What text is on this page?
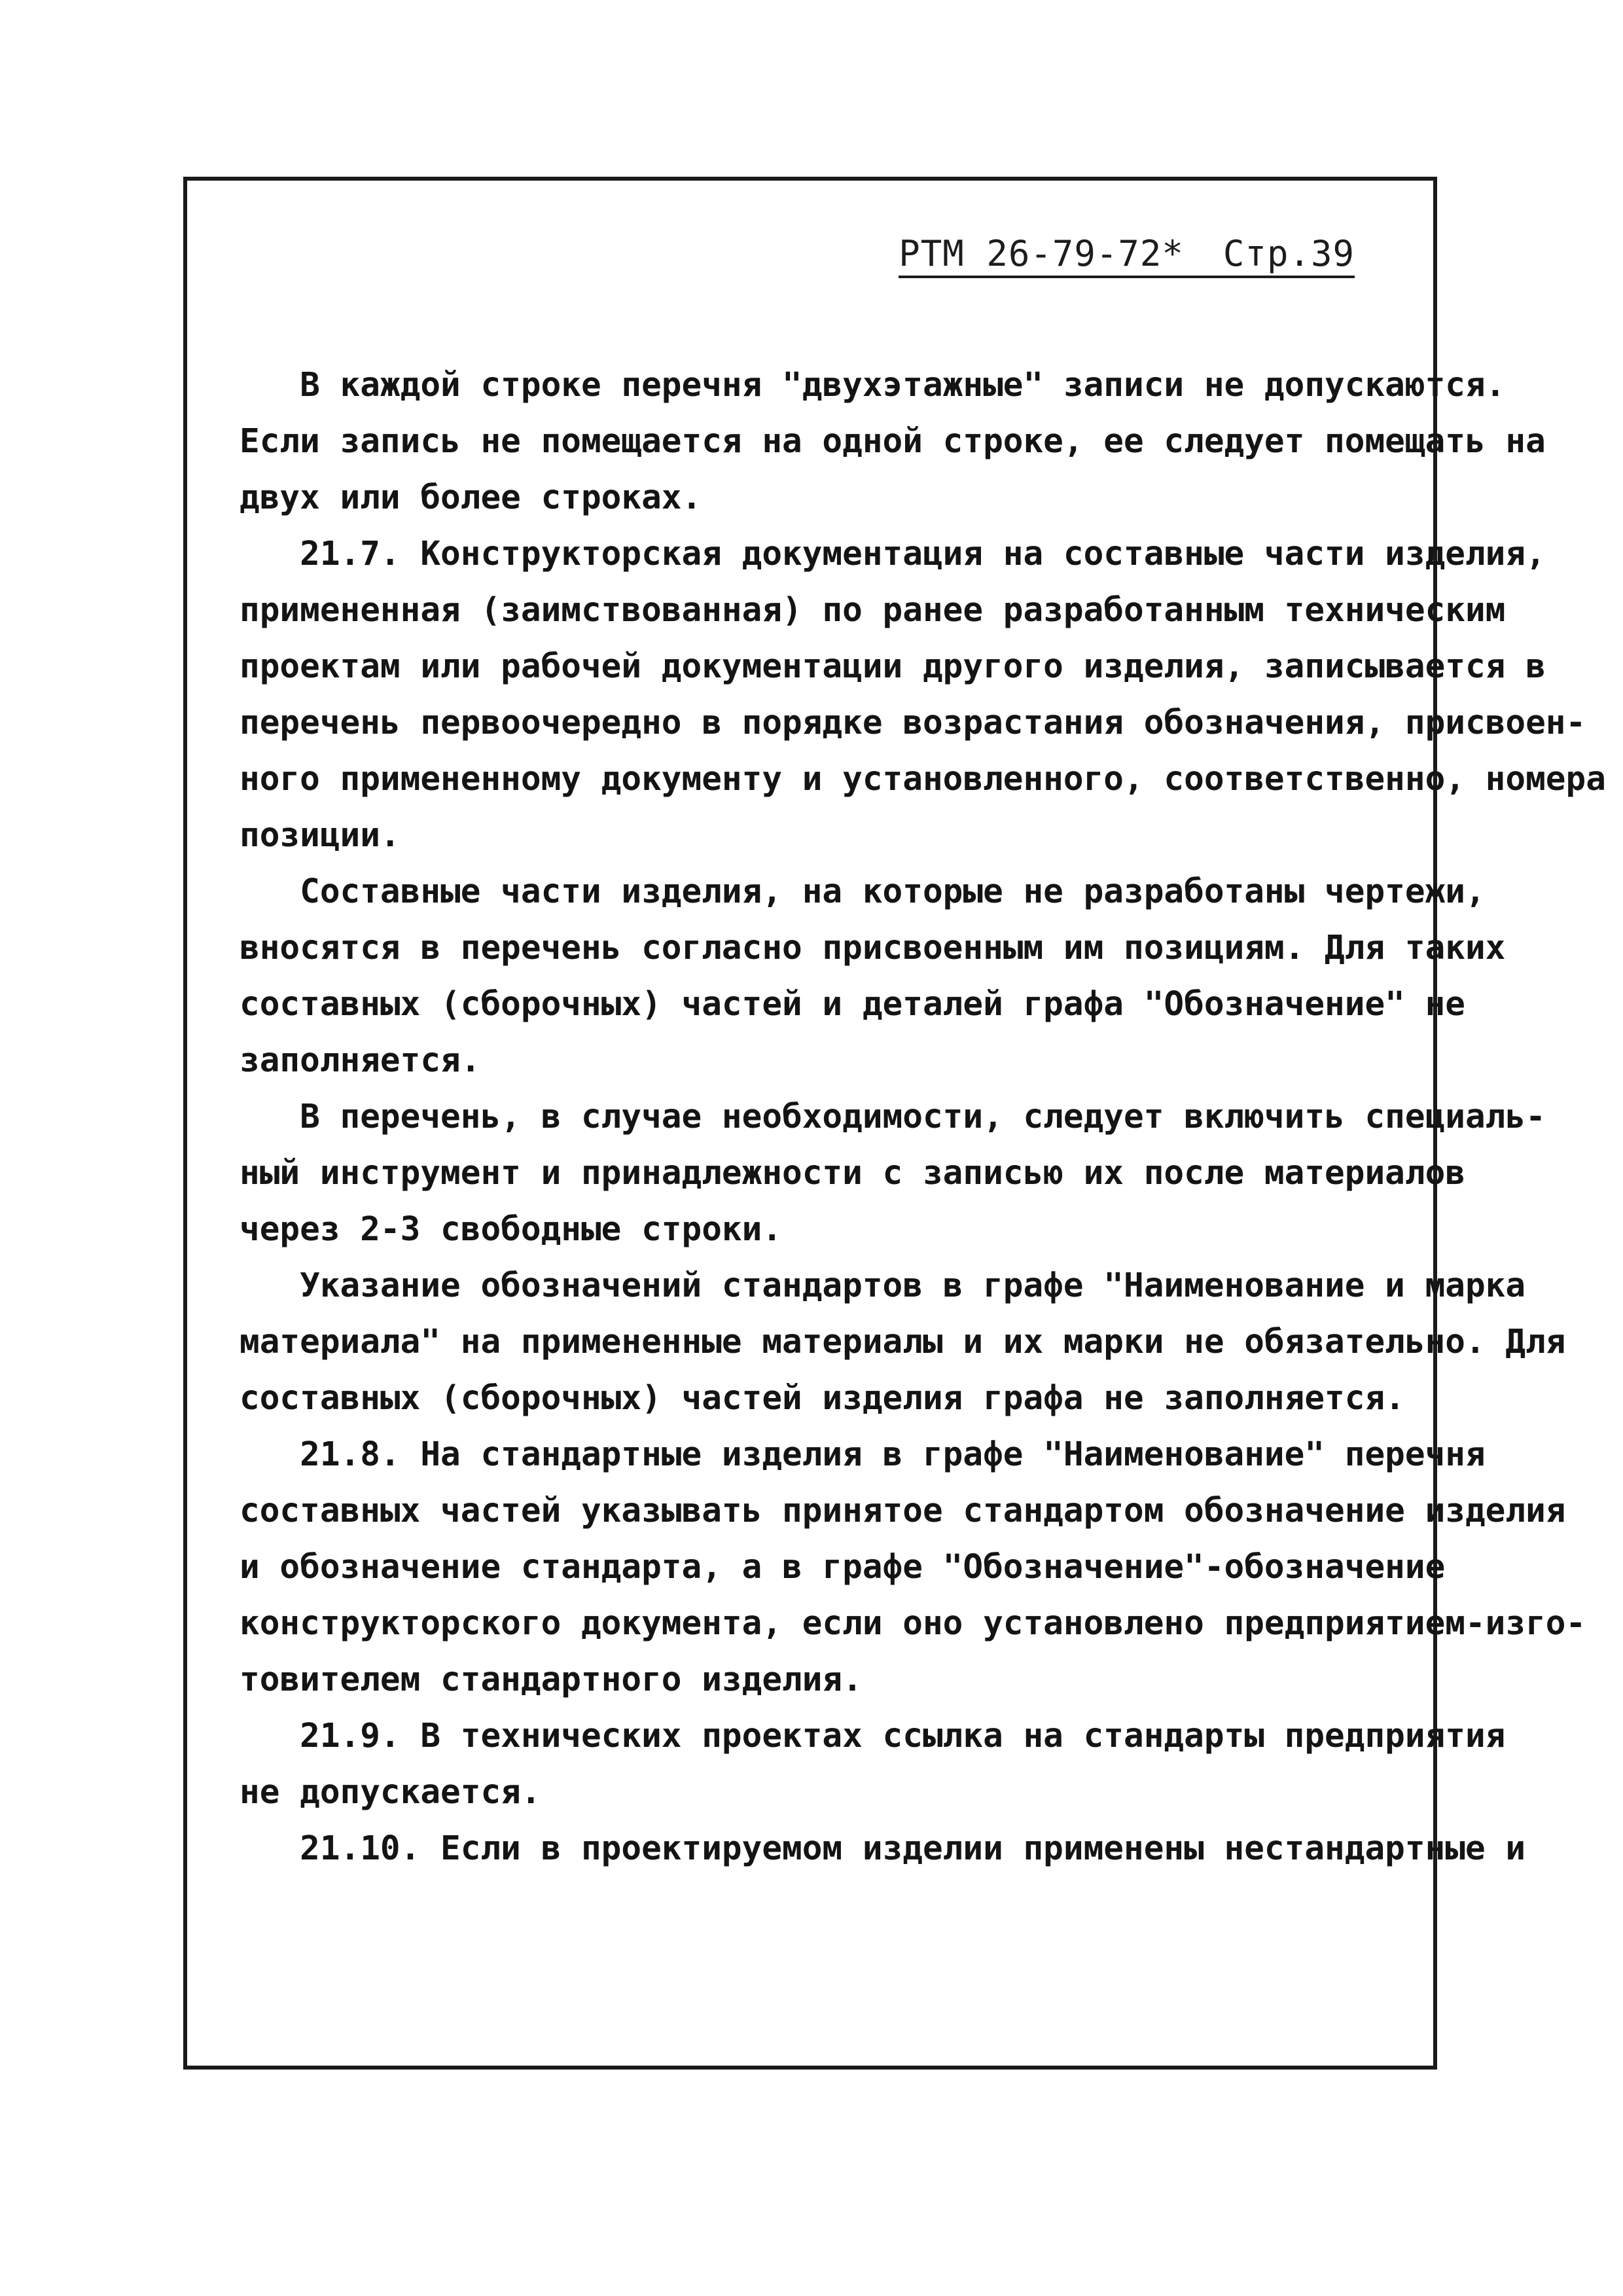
РТМ 26-79-72* Стр.39
В каждой строке перечня "двухэтажные" записи не допускаются.
Если запись не помещается на одной строке, ее следует помещать на
двух или более строках.
21.7. Конструкторская документация на составные части изделия,
примененная (заимствованная) по ранее разработанным техническим
проектам или рабочей документации другого изделия, записывается в
перечень первоочередно в порядке возрастания обозначения, присвоен-
ного примененному документу и установленного, соответственно, номера
позиции.
Составные части изделия, на которые не разработаны чертежи,
вносятся в перечень согласно присвоенным им позициям. Для таких
составных (сборочных) частей и деталей графа "Обозначение" не
заполняется.
В перечень, в случае необходимости, следует включить специаль-
ный инструмент и принадлежности с записью их после материалов
через 2-3 свободные строки.
Указание обозначений стандартов в графе "Наименование и марка
материала" на примененные материалы и их марки не обязательно. Для
составных (сборочных) частей изделия графа не заполняется.
21.8. На стандартные изделия в графе "Наименование" перечня
составных частей указывать принятое стандартом обозначение изделия
и обозначение стандарта, а в графе "Обозначение"-обозначение
конструкторского документа, если оно установлено предприятием-изго-
товителем стандартного изделия.
21.9. В технических проектах ссылка на стандарты предприятия
не допускается.
21.10. Если в проектируемом изделии применены нестандартные и
